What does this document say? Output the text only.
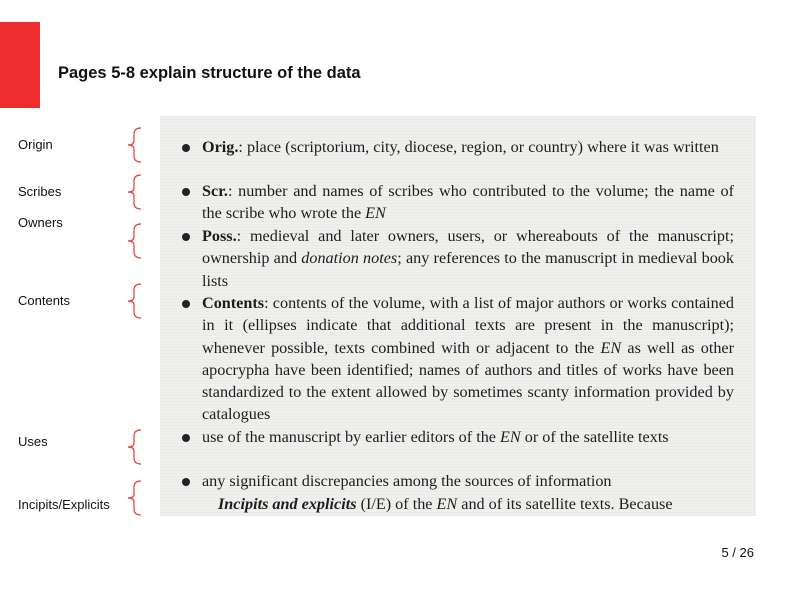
Pages 5-8 explain structure of the data
Origin
Scribes
Owners
Contents
Uses
Incipits/Explicits
Orig.: place (scriptorium, city, diocese, region, or country) where it was written
Scr.: number and names of scribes who contributed to the volume; the name of the scribe who wrote the EN
Poss.: medieval and later owners, users, or whereabouts of the manuscript; ownership and donation notes; any references to the manuscript in medieval book lists
Contents: contents of the volume, with a list of major authors or works contained in it (ellipses indicate that additional texts are present in the manuscript); whenever possible, texts combined with or adjacent to the EN as well as other apocrypha have been identified; names of authors and titles of works have been standardized to the extent allowed by sometimes scanty information provided by catalogues
use of the manuscript by earlier editors of the EN or of the satellite texts
any significant discrepancies among the sources of information
Incipits and explicits (I/E) of the EN and of its satellite texts. Because
5 / 26
